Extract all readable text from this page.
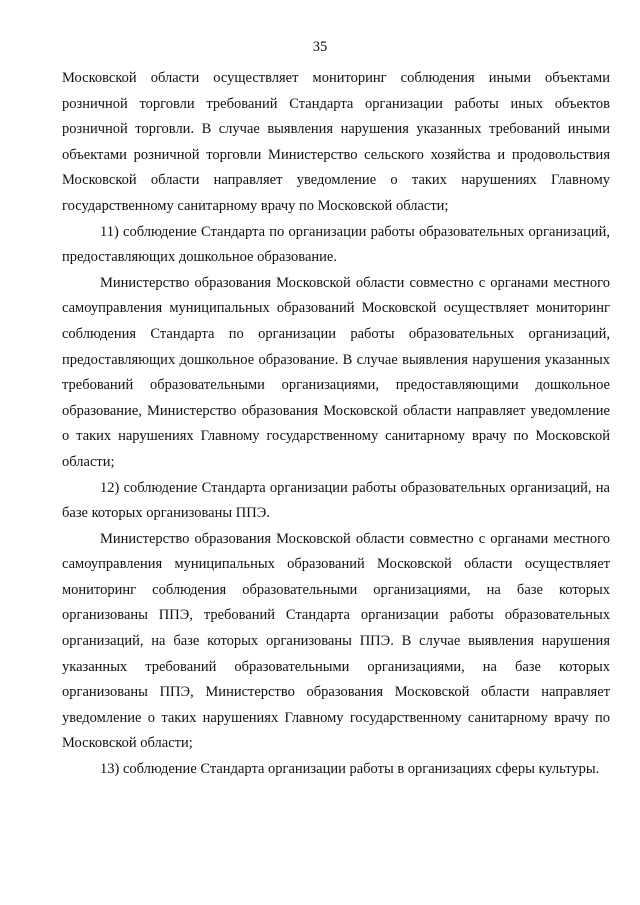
35

Московской области осуществляет мониторинг соблюдения иными объектами розничной торговли требований Стандарта организации работы иных объектов розничной торговли. В случае выявления нарушения указанных требований иными объектами розничной торговли Министерство сельского хозяйства и продовольствия Московской области направляет уведомление о таких нарушениях Главному государственному санитарному врачу по Московской области;

11) соблюдение Стандарта по организации работы образовательных организаций, предоставляющих дошкольное образование.

Министерство образования Московской области совместно с органами местного самоуправления муниципальных образований Московской осуществляет мониторинг соблюдения Стандарта по организации работы образовательных организаций, предоставляющих дошкольное образование. В случае выявления нарушения указанных требований образовательными организациями, предоставляющими дошкольное образование, Министерство образования Московской области направляет уведомление о таких нарушениях Главному государственному санитарному врачу по Московской области;

12) соблюдение Стандарта организации работы образовательных организаций, на базе которых организованы ППЭ.

Министерство образования Московской области совместно с органами местного самоуправления муниципальных образований Московской области осуществляет мониторинг соблюдения образовательными организациями, на базе которых организованы ППЭ, требований Стандарта организации работы образовательных организаций, на базе которых организованы ППЭ. В случае выявления нарушения указанных требований образовательными организациями, на базе которых организованы ППЭ, Министерство образования Московской области направляет уведомление о таких нарушениях Главному государственному санитарному врачу по Московской области;

13) соблюдение Стандарта организации работы в организациях сферы культуры.
